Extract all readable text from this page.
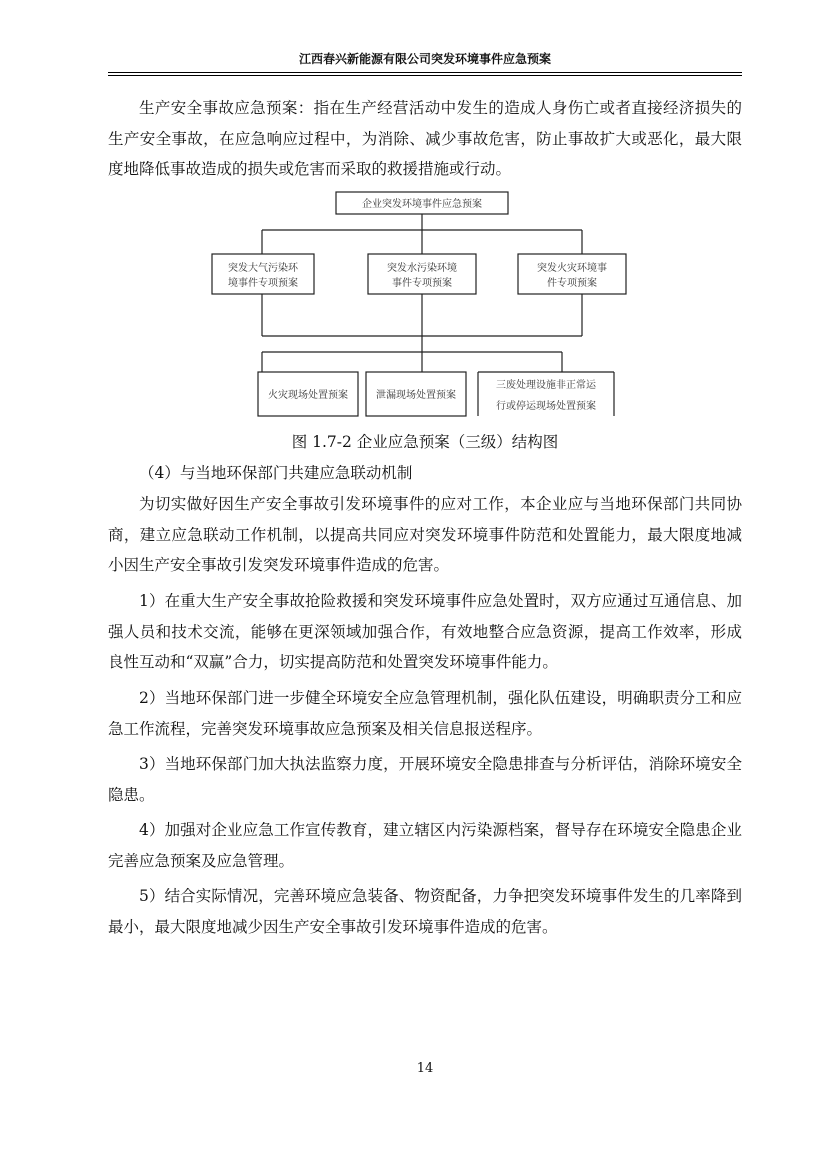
江西春兴新能源有限公司突发环境事件应急预案

生产安全事故应急预案：指在生产经营活动中发生的造成人身伤亡或者直接经济损失的生产安全事故，在应急响应过程中，为消除、减少事故危害，防止事故扩大或恶化，最大限度地降低事故造成的损失或危害而采取的救援措施或行动。

企业突发环境事件应急预案
突发大气污染环
境事件专项预案
突发水污染环境
事件专项预案
突发火灾环境事
件专项预案
火灾现场处置预案	泄漏现场处置预案
三废处理设施非正常运
行或停运现场处置预案
图 1.7-2 企业应急预案（三级）结构图

（4）与当地环保部门共建应急联动机制

为切实做好因生产安全事故引发环境事件的应对工作，本企业应与当地环保部门共同协商，建立应急联动工作机制，以提高共同应对突发环境事件防范和处置能力，最大限度地减小因生产安全事故引发突发环境事件造成的危害。

1）在重大生产安全事故抢险救援和突发环境事件应急处置时，双方应通过互通信息、加强人员和技术交流，能够在更深领域加强合作，有效地整合应急资源，提高工作效率，形成良性互动和“双赢”合力，切实提高防范和处置突发环境事件能力。

2）当地环保部门进一步健全环境安全应急管理机制，强化队伍建设，明确职责分工和应急工作流程，完善突发环境事故应急预案及相关信息报送程序。

3）当地环保部门加大执法监察力度，开展环境安全隐患排查与分析评估，消除环境安全隐患。

4）加强对企业应急工作宣传教育，建立辖区内污染源档案，督导存在环境安全隐患企业完善应急预案及应急管理。

5）结合实际情况，完善环境应急装备、物资配备，力争把突发环境事件发生的几率降到最小，最大限度地减少因生产安全事故引发环境事件造成的危害。

14
